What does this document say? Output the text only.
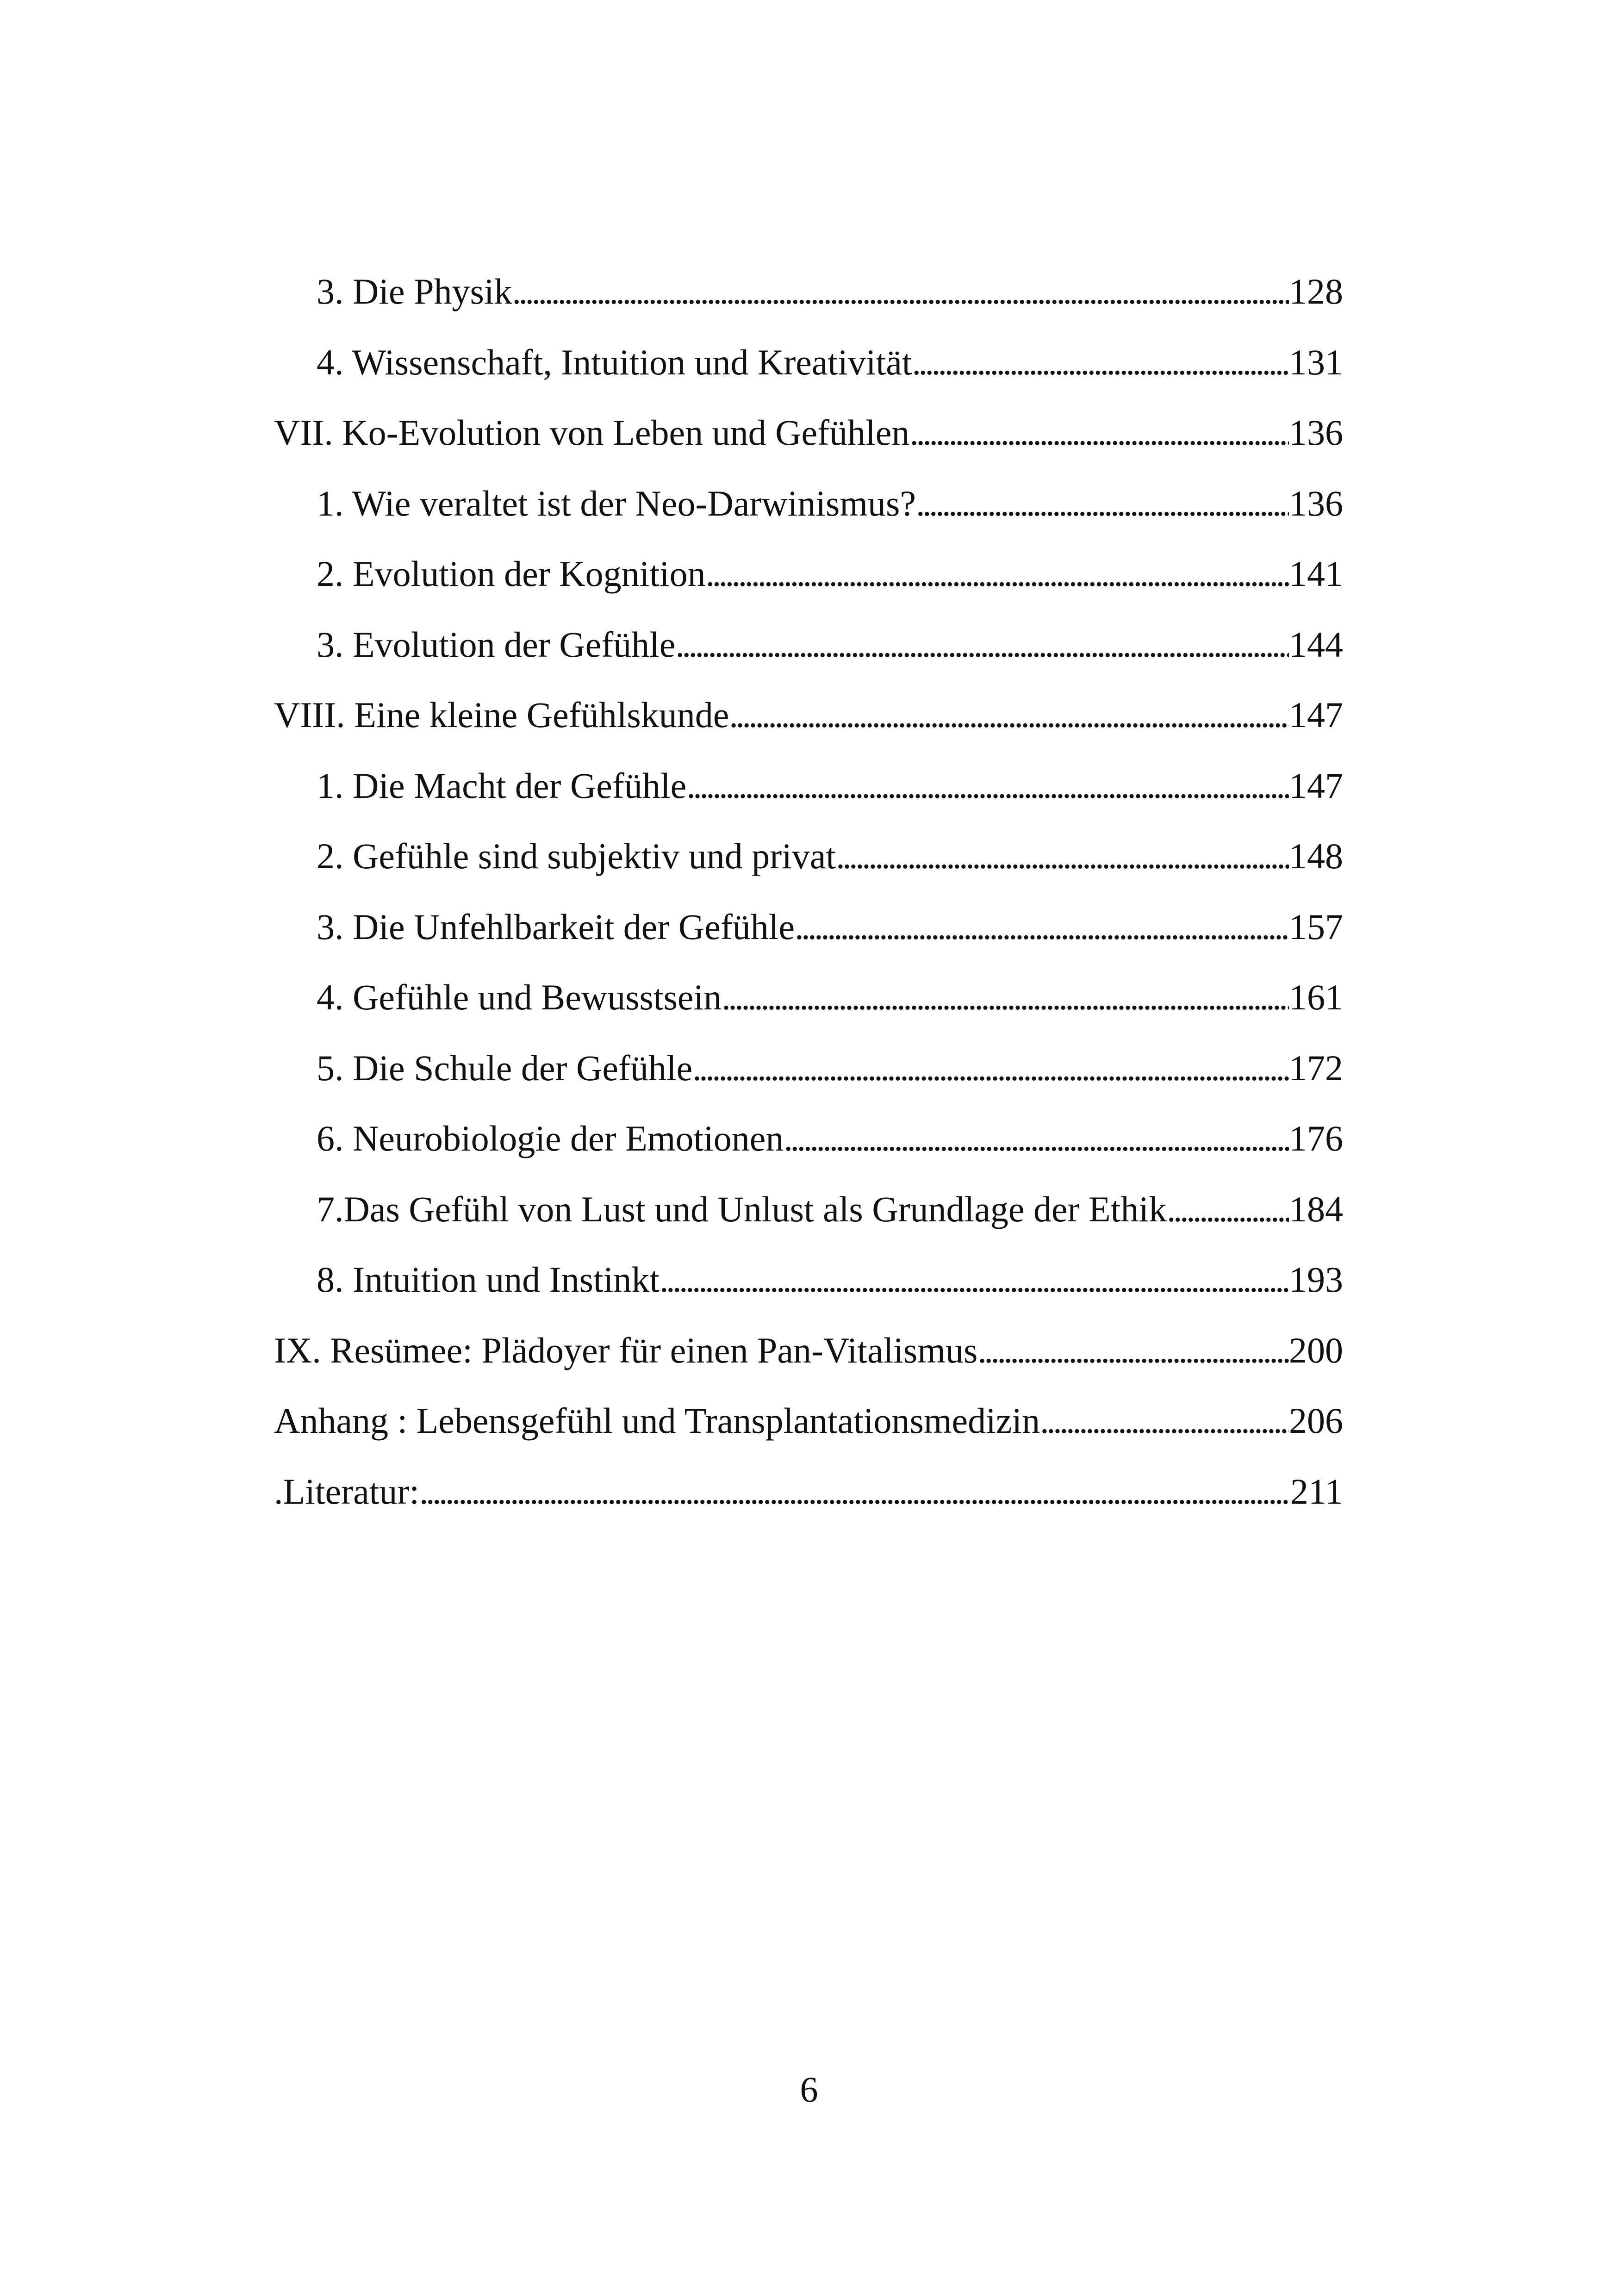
3. Die Physik . . .	128
4. Wissenschaft, Intuition und Kreativität . . .	131
VII. Ko-Evolution von Leben und Gefühlen . . .	136
1. Wie veraltet ist der Neo-Darwinismus? . . .	136
2. Evolution der Kognition . . .	141
3. Evolution der Gefühle . . .	144
VIII. Eine kleine Gefühlskunde . . .	147
1. Die Macht der Gefühle . . .	147
2. Gefühle sind subjektiv und privat . . .	148
3. Die Unfehlbarkeit der Gefühle . . .	157
4. Gefühle und Bewusstsein . . .	161
5. Die Schule der Gefühle . . .	172
6. Neurobiologie der Emotionen . . .	176
7.Das Gefühl von Lust und Unlust als Grundlage der Ethik . . .	184
8. Intuition und Instinkt . . .	193
IX. Resümee: Plädoyer für einen Pan-Vitalismus . . .	200
Anhang : Lebensgefühl und Transplantationsmedizin . . .	206
.Literatur: . . .	211
6
